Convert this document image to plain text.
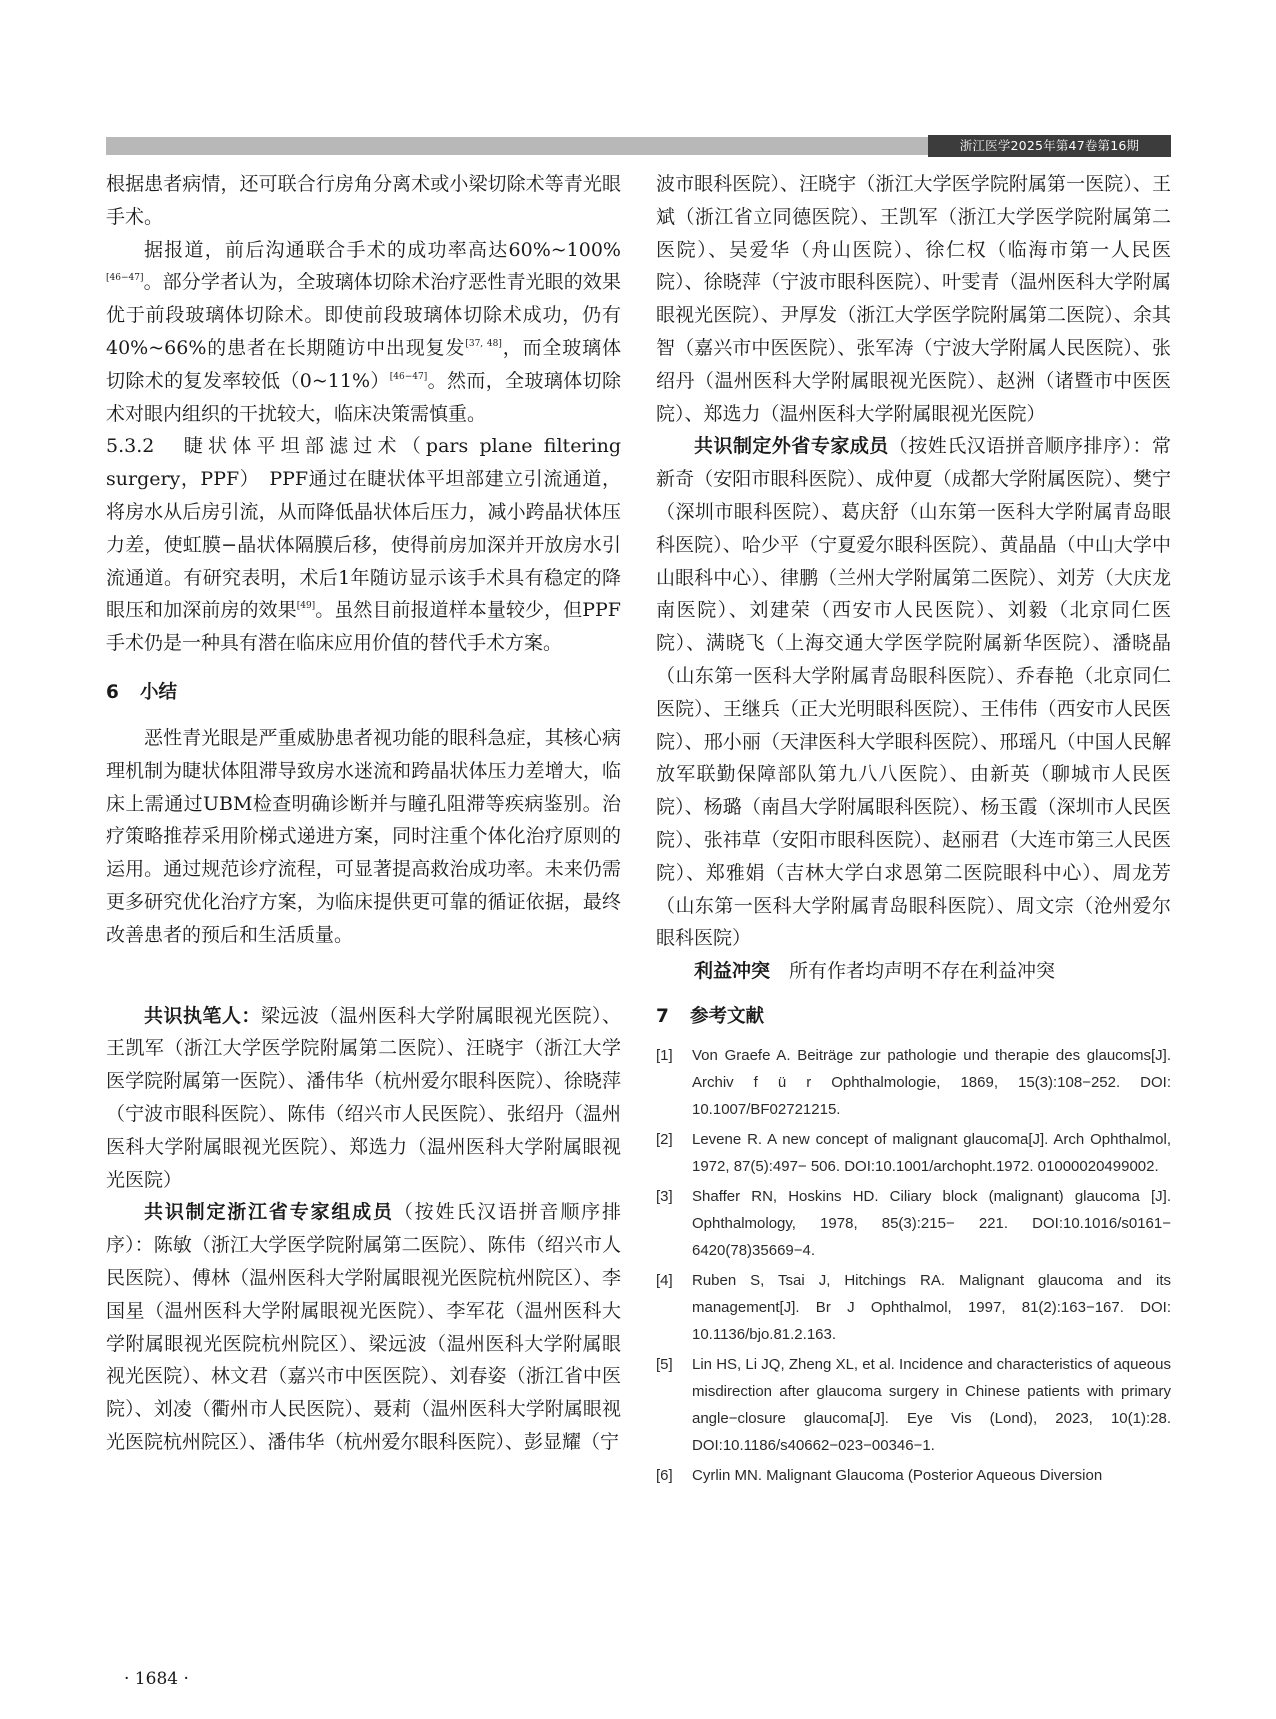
浙江医学2025年第47卷第16期

根据患者病情，还可联合行房角分离术或小梁切除术等青光眼手术。

据报道，前后沟通联合手术的成功率高达60%~100%[46−47]。部分学者认为，全玻璃体切除术治疗恶性青光眼的效果优于前段玻璃体切除术。即使前段玻璃体切除术成功，仍有40%~66%的患者在长期随访中出现复发[37, 48]，而全玻璃体切除术的复发率较低（0~11%）[46−47]。然而，全玻璃体切除术对眼内组织的干扰较大，临床决策需慎重。

5.3.2　睫状体平坦部滤过术（pars plane filtering surgery，PPF）　PPF通过在睫状体平坦部建立引流通道，将房水从后房引流，从而降低晶状体后压力，减小跨晶状体压力差，使虹膜−晶状体隔膜后移，使得前房加深并开放房水引流通道。有研究表明，术后1年随访显示该手术具有稳定的降眼压和加深前房的效果[49]。虽然目前报道样本量较少，但PPF手术仍是一种具有潜在临床应用价值的替代手术方案。

6 小结

恶性青光眼是严重威胁患者视功能的眼科急症，其核心病理机制为睫状体阻滞导致房水迷流和跨晶状体压力差增大，临床上需通过UBM检查明确诊断并与瞳孔阻滞等疾病鉴别。治疗策略推荐采用阶梯式递进方案，同时注重个体化治疗原则的运用。通过规范诊疗流程，可显著提高救治成功率。未来仍需更多研究优化治疗方案，为临床提供更可靠的循证依据，最终改善患者的预后和生活质量。

共识执笔人：梁远波（温州医科大学附属眼视光医院）、王凯军（浙江大学医学院附属第二医院）、汪晓宇（浙江大学医学院附属第一医院）、潘伟华（杭州爱尔眼科医院）、徐晓萍（宁波市眼科医院）、陈伟（绍兴市人民医院）、张绍丹（温州医科大学附属眼视光医院）、郑选力（温州医科大学附属眼视光医院）

共识制定浙江省专家组成员（按姓氏汉语拼音顺序排序）：陈敏（浙江大学医学院附属第二医院）、陈伟（绍兴市人民医院）、傅林（温州医科大学附属眼视光医院杭州院区）、李国星（温州医科大学附属眼视光医院）、李军花（温州医科大学附属眼视光医院杭州院区）、梁远波（温州医科大学附属眼视光医院）、林文君（嘉兴市中医医院）、刘春姿（浙江省中医院）、刘凌（衢州市人民医院）、聂莉（温州医科大学附属眼视光医院杭州院区）、潘伟华（杭州爱尔眼科医院）、彭显耀（宁

波市眼科医院）、汪晓宇（浙江大学医学院附属第一医院）、王斌（浙江省立同德医院）、王凯军（浙江大学医学院附属第二医院）、吴爱华（舟山医院）、徐仁权（临海市第一人民医院）、徐晓萍（宁波市眼科医院）、叶雯青（温州医科大学附属眼视光医院）、尹厚发（浙江大学医学院附属第二医院）、余其智（嘉兴市中医医院）、张军涛（宁波大学附属人民医院）、张绍丹（温州医科大学附属眼视光医院）、赵洲（诸暨市中医医院）、郑选力（温州医科大学附属眼视光医院）

共识制定外省专家成员（按姓氏汉语拼音顺序排序）：常新奇（安阳市眼科医院）、成仲夏（成都大学附属医院）、樊宁（深圳市眼科医院）、葛庆舒（山东第一医科大学附属青岛眼科医院）、哈少平（宁夏爱尔眼科医院）、黄晶晶（中山大学中山眼科中心）、律鹏（兰州大学附属第二医院）、刘芳（大庆龙南医院）、刘建荣（西安市人民医院）、刘毅（北京同仁医院）、满晓飞（上海交通大学医学院附属新华医院）、潘晓晶（山东第一医科大学附属青岛眼科医院）、乔春艳（北京同仁医院）、王继兵（正大光明眼科医院）、王伟伟（西安市人民医院）、邢小丽（天津医科大学眼科医院）、邢瑶凡（中国人民解放军联勤保障部队第九八八医院）、由新英（聊城市人民医院）、杨璐（南昌大学附属眼科医院）、杨玉霞（深圳市人民医院）、张祎草（安阳市眼科医院）、赵丽君（大连市第三人民医院）、郑雅娟（吉林大学白求恩第二医院眼科中心）、周龙芳（山东第一医科大学附属青岛眼科医院）、周文宗（沧州爱尔眼科医院）

利益冲突　 所有作者均声明不存在利益冲突

7 参考文献
[1]	Von Graefe A. Beiträge zur pathologie und therapie des glaucoms[J]. Archiv f ü r Ophthalmologie, 1869, 15(3):108−252. DOI: 10.1007/BF02721215.
[2]	Levene R. A new concept of malignant glaucoma[J]. Arch Ophthalmol, 1972, 87(5):497− 506. DOI:10.1001/archopht.1972. 01000020499002.
[3]	Shaffer RN, Hoskins HD. Ciliary block (malignant) glaucoma [J]. Ophthalmology, 1978, 85(3):215− 221. DOI:10.1016/s0161− 6420(78)35669−4.
[4]	Ruben S, Tsai J, Hitchings RA. Malignant glaucoma and its management[J]. Br J Ophthalmol, 1997, 81(2):163−167. DOI: 10.1136/bjo.81.2.163.
[5]	Lin HS, Li JQ, Zheng XL, et al. Incidence and characteristics of aqueous misdirection after glaucoma surgery in Chinese patients with primary angle−closure glaucoma[J]. Eye Vis (Lond), 2023, 10(1):28. DOI:10.1186/s40662−023−00346−1.
[6]	Cyrlin MN. Malignant Glaucoma (Posterior Aqueous Diversion
· 1684 ·
